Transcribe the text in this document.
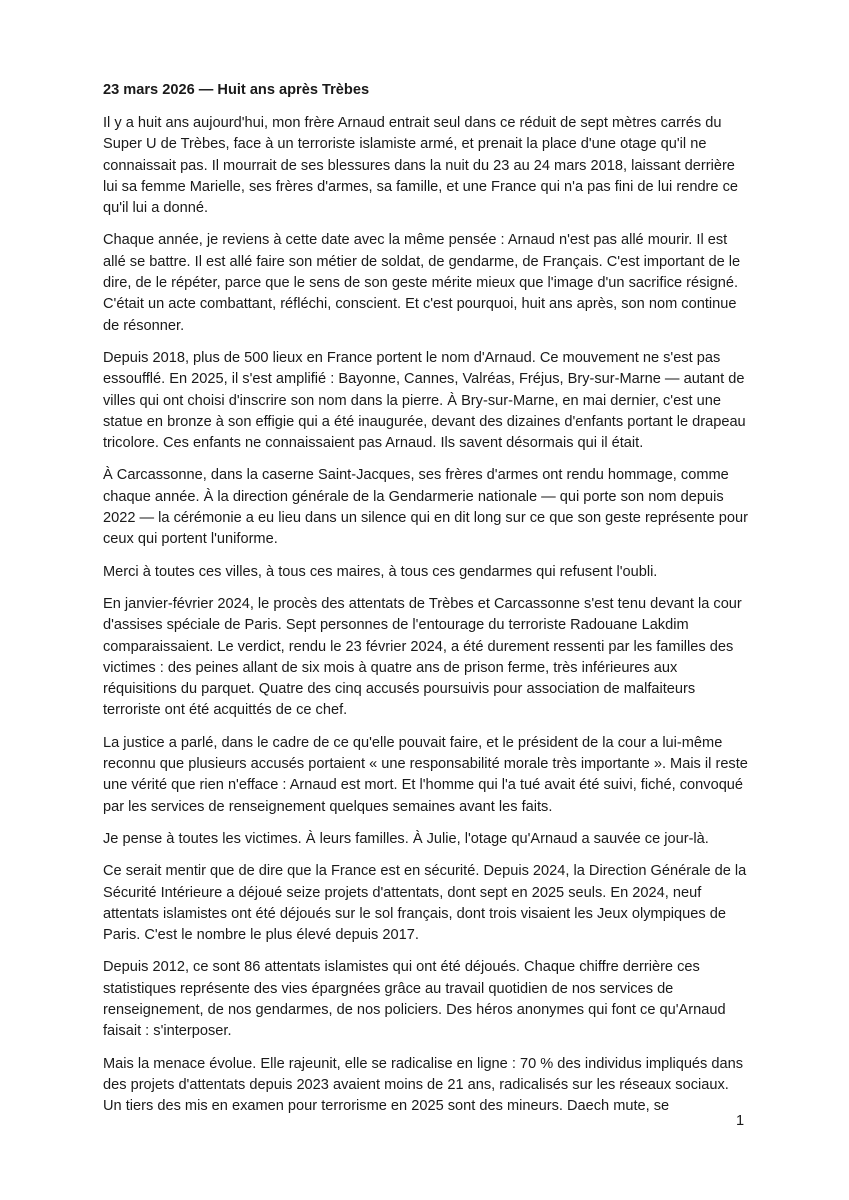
23 mars 2026 — Huit ans après Trèbes

Il y a huit ans aujourd'hui, mon frère Arnaud entrait seul dans ce réduit de sept mètres carrés du Super U de Trèbes, face à un terroriste islamiste armé, et prenait la place d'une otage qu'il ne connaissait pas. Il mourrait de ses blessures dans la nuit du 23 au 24 mars 2018, laissant derrière lui sa femme Marielle, ses frères d'armes, sa famille, et une France qui n'a pas fini de lui rendre ce qu'il lui a donné.

Chaque année, je reviens à cette date avec la même pensée : Arnaud n'est pas allé mourir. Il est allé se battre. Il est allé faire son métier de soldat, de gendarme, de Français. C'est important de le dire, de le répéter, parce que le sens de son geste mérite mieux que l'image d'un sacrifice résigné. C'était un acte combattant, réfléchi, conscient. Et c'est pourquoi, huit ans après, son nom continue de résonner.

Depuis 2018, plus de 500 lieux en France portent le nom d'Arnaud. Ce mouvement ne s'est pas essoufflé. En 2025, il s'est amplifié : Bayonne, Cannes, Valréas, Fréjus, Bry-sur-Marne — autant de villes qui ont choisi d'inscrire son nom dans la pierre. À Bry-sur-Marne, en mai dernier, c'est une statue en bronze à son effigie qui a été inaugurée, devant des dizaines d'enfants portant le drapeau tricolore. Ces enfants ne connaissaient pas Arnaud. Ils savent désormais qui il était.

À Carcassonne, dans la caserne Saint-Jacques, ses frères d'armes ont rendu hommage, comme chaque année. À la direction générale de la Gendarmerie nationale — qui porte son nom depuis 2022 — la cérémonie a eu lieu dans un silence qui en dit long sur ce que son geste représente pour ceux qui portent l'uniforme.

Merci à toutes ces villes, à tous ces maires, à tous ces gendarmes qui refusent l'oubli.

En janvier-février 2024, le procès des attentats de Trèbes et Carcassonne s'est tenu devant la cour d'assises spéciale de Paris. Sept personnes de l'entourage du terroriste Radouane Lakdim comparaissaient. Le verdict, rendu le 23 février 2024, a été durement ressenti par les familles des victimes : des peines allant de six mois à quatre ans de prison ferme, très inférieures aux réquisitions du parquet. Quatre des cinq accusés poursuivis pour association de malfaiteurs terroriste ont été acquittés de ce chef.

La justice a parlé, dans le cadre de ce qu'elle pouvait faire, et le président de la cour a lui-même reconnu que plusieurs accusés portaient « une responsabilité morale très importante ». Mais il reste une vérité que rien n'efface : Arnaud est mort. Et l'homme qui l'a tué avait été suivi, fiché, convoqué par les services de renseignement quelques semaines avant les faits.

Je pense à toutes les victimes. À leurs familles. À Julie, l'otage qu'Arnaud a sauvée ce jour-là.

Ce serait mentir que de dire que la France est en sécurité. Depuis 2024, la Direction Générale de la Sécurité Intérieure a déjoué seize projets d'attentats, dont sept en 2025 seuls. En 2024, neuf attentats islamistes ont été déjoués sur le sol français, dont trois visaient les Jeux olympiques de Paris. C'est le nombre le plus élevé depuis 2017.

Depuis 2012, ce sont 86 attentats islamistes qui ont été déjoués. Chaque chiffre derrière ces statistiques représente des vies épargnées grâce au travail quotidien de nos services de renseignement, de nos gendarmes, de nos policiers. Des héros anonymes qui font ce qu'Arnaud faisait : s'interposer.

Mais la menace évolue. Elle rajeunit, elle se radicalise en ligne : 70 % des individus impliqués dans des projets d'attentats depuis 2023 avaient moins de 21 ans, radicalisés sur les réseaux sociaux. Un tiers des mis en examen pour terrorisme en 2025 sont des mineurs. Daech mute, se

1
